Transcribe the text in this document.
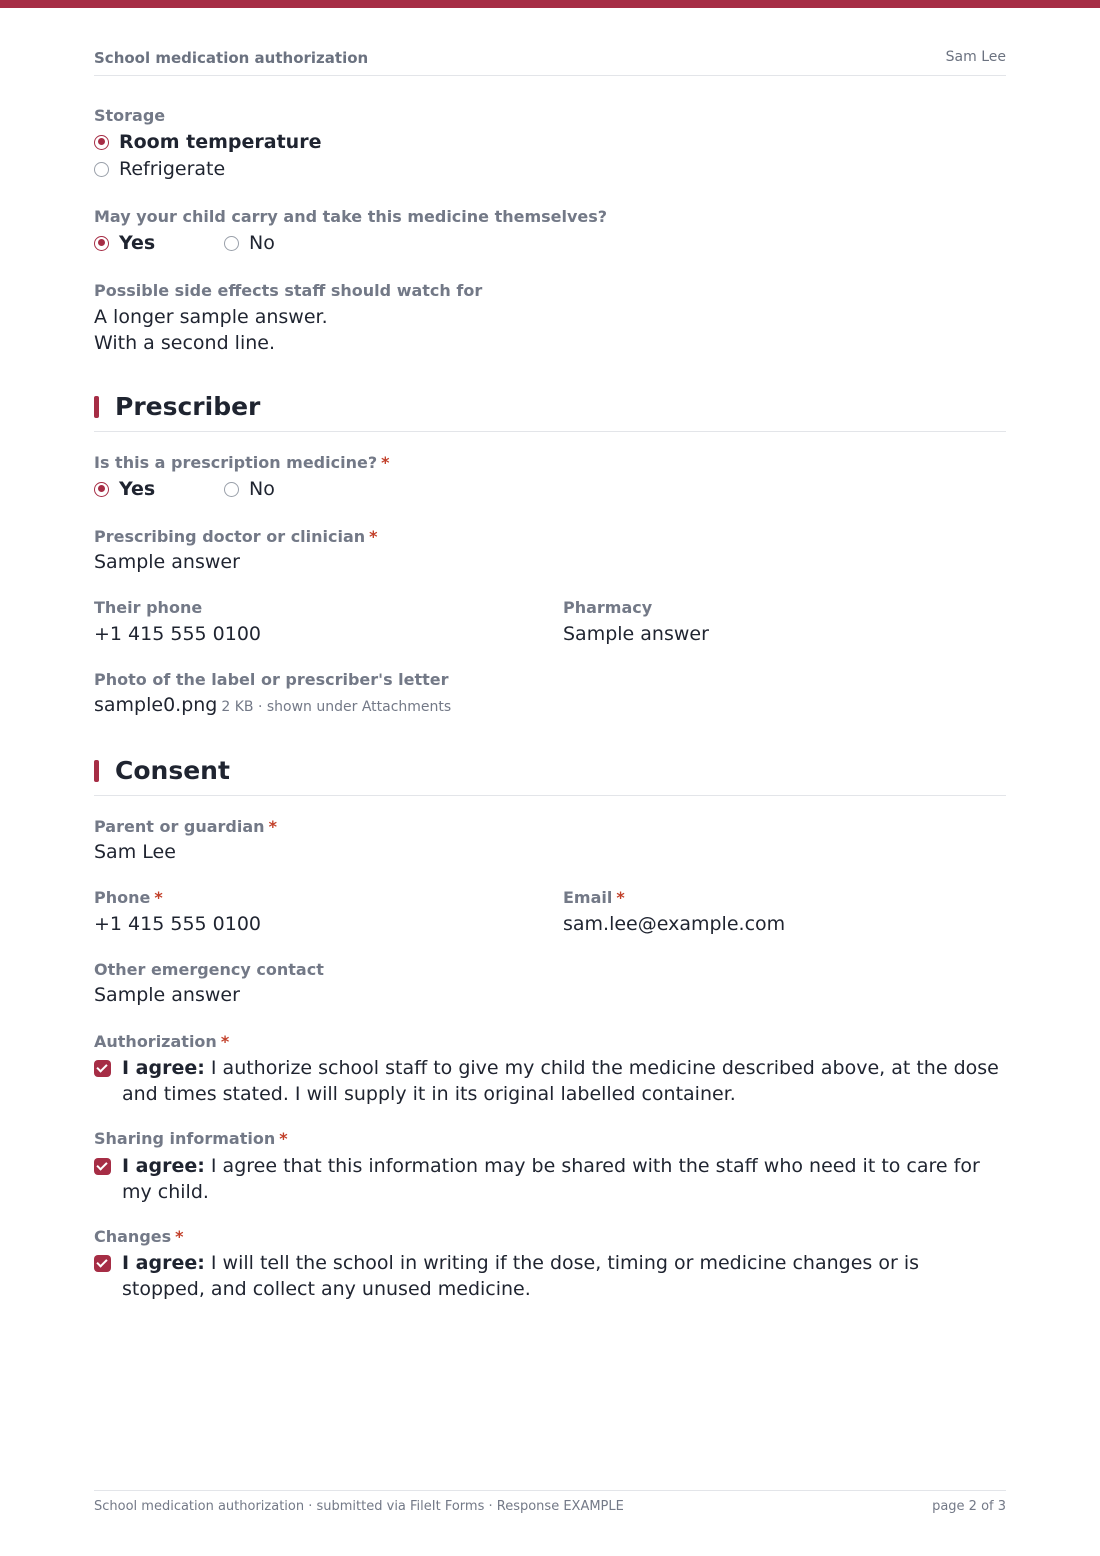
School medication authorization	Sam Lee
Storage
Room temperature
Refrigerate
May your child carry and take this medicine themselves?
Yes	No
Possible side effects staff should watch for
A longer sample answer.
With a second line.
Prescriber
Is this a prescription medicine? *
Yes	No
Prescribing doctor or clinician *
Sample answer
Their phone
+1 415 555 0100
Pharmacy
Sample answer
Photo of the label or prescriber's letter
sample0.png 2 KB · shown under Attachments
Consent
Parent or guardian *
Sam Lee
Phone *
+1 415 555 0100
Email *
sam.lee@example.com
Other emergency contact
Sample answer
Authorization *
I agree: I authorize school staff to give my child the medicine described above, at the dose and times stated. I will supply it in its original labelled container.
Sharing information *
I agree: I agree that this information may be shared with the staff who need it to care for my child.
Changes *
I agree: I will tell the school in writing if the dose, timing or medicine changes or is stopped, and collect any unused medicine.
School medication authorization · submitted via FileIt Forms · Response EXAMPLE	page 2 of 3
